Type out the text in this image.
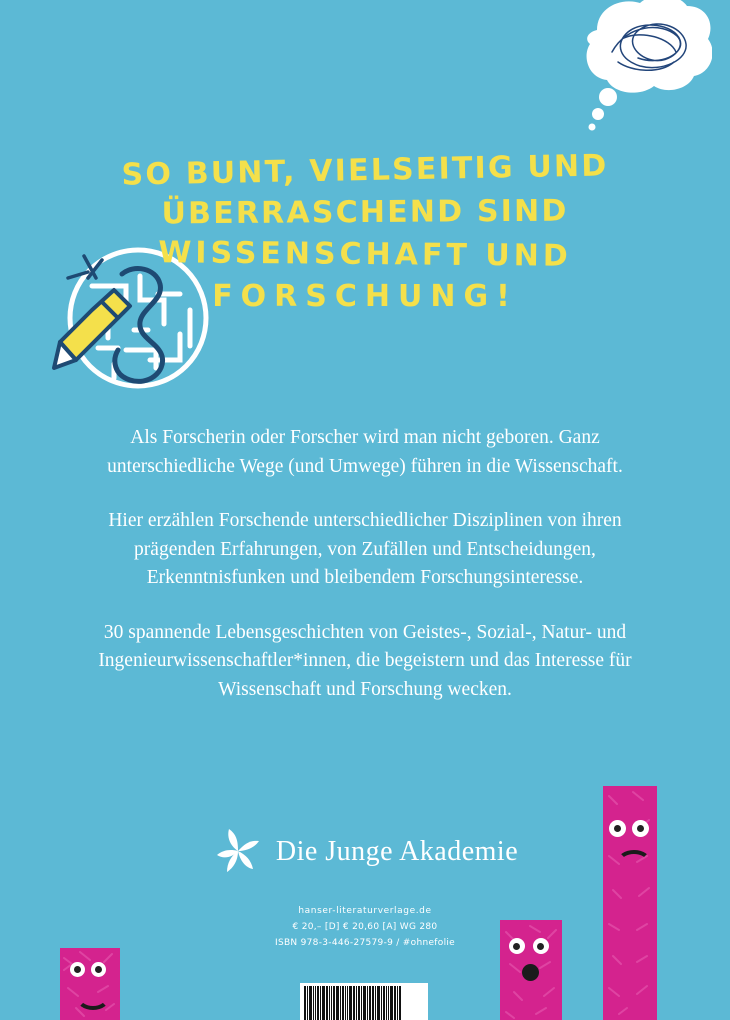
SO BUNT, VIELSEITIG UND
ÜBERRASCHEND SIND
WISSENSCHAFT UND
FORSCHUNG!

Als Forscherin oder Forscher wird man nicht geboren. Ganz unterschiedliche Wege (und Umwege) führen in die Wissenschaft.

Hier erzählen Forschende unterschiedlicher Disziplinen von ihren prägenden Erfahrungen, von Zufällen und Entscheidungen, Erkenntnisfunken und bleibendem Forschungsinteresse.

30 spannende Lebensgeschichten von Geistes-, Sozial-, Natur- und Ingenieurwissenschaftler*innen, die begeistern und das Interesse für Wissenschaft und Forschung wecken.

Die Junge Akademie
hanser-literaturverlage.de
€ 20,– [D] € 20,60 [A] WG 280
ISBN 978-3-446-27579-9 / #ohnefolie
